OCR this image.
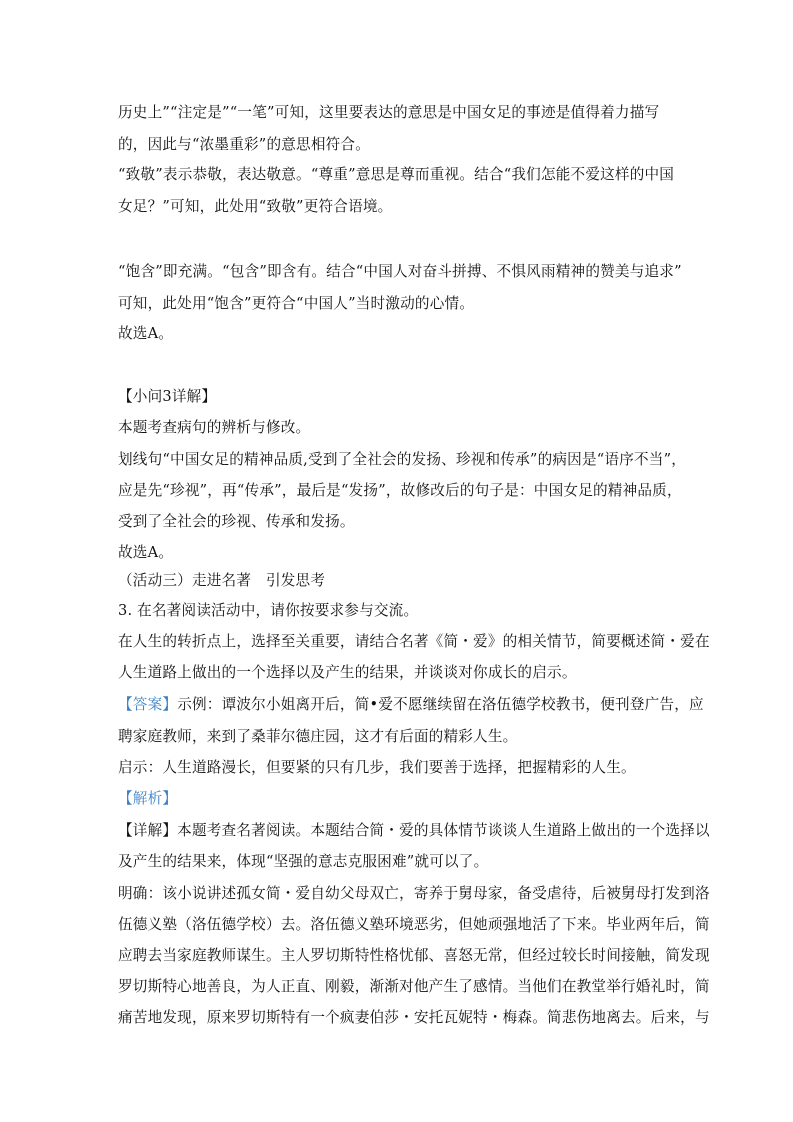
历史上”“注定是”“一笔”可知，这里要表达的意思是中国女足的事迹是值得着力描写
的，因此与“浓墨重彩”的意思相符合。
“致敬”表示恭敬，表达敬意。“尊重”意思是尊而重视。结合“我们怎能不爱这样的中国
女足？”可知，此处用“致敬”更符合语境。
“饱含”即充满。“包含”即含有。结合“中国人对奋斗拼搏、不惧风雨精神的赞美与追求”
可知，此处用“饱含”更符合“中国人”当时激动的心情。
故选A。
【小问3详解】
本题考查病句的辨析与修改。
划线句“中国女足的精神品质,受到了全社会的发扬、珍视和传承”的病因是“语序不当”，
应是先“珍视”，再“传承”，最后是“发扬”，故修改后的句子是：中国女足的精神品质，
受到了全社会的珍视、传承和发扬。
故选A。
（活动三）走进名著　引发思考
3. 在名著阅读活动中，请你按要求参与交流。
在人生的转折点上，选择至关重要，请结合名著《简・爱》的相关情节，简要概述简・爱在
人生道路上做出的一个选择以及产生的结果，并谈谈对你成长的启示。
【答案】示例：谭波尔小姐离开后，简•爱不愿继续留在洛伍德学校教书，便刊登广告，应
聘家庭教师，来到了桑菲尔德庄园，这才有后面的精彩人生。
启示：人生道路漫长，但要紧的只有几步，我们要善于选择，把握精彩的人生。
【解析】
【详解】本题考查名著阅读。本题结合简・爱的具体情节谈谈人生道路上做出的一个选择以
及产生的结果来，体现“坚强的意志克服困难”就可以了。
明确：该小说讲述孤女简・爱自幼父母双亡，寄养于舅母家，备受虐待，后被舅母打发到洛
伍德义塾（洛伍德学校）去。洛伍德义塾环境恶劣，但她顽强地活了下来。毕业两年后，简
应聘去当家庭教师谋生。主人罗切斯特性格忧郁、喜怒无常，但经过较长时间接触，简发现
罗切斯特心地善良，为人正直、刚毅，渐渐对他产生了感情。当他们在教堂举行婚礼时，简
痛苦地发现，原来罗切斯特有一个疯妻伯莎・安托瓦妮特・梅森。简悲伤地离去。后来，与
